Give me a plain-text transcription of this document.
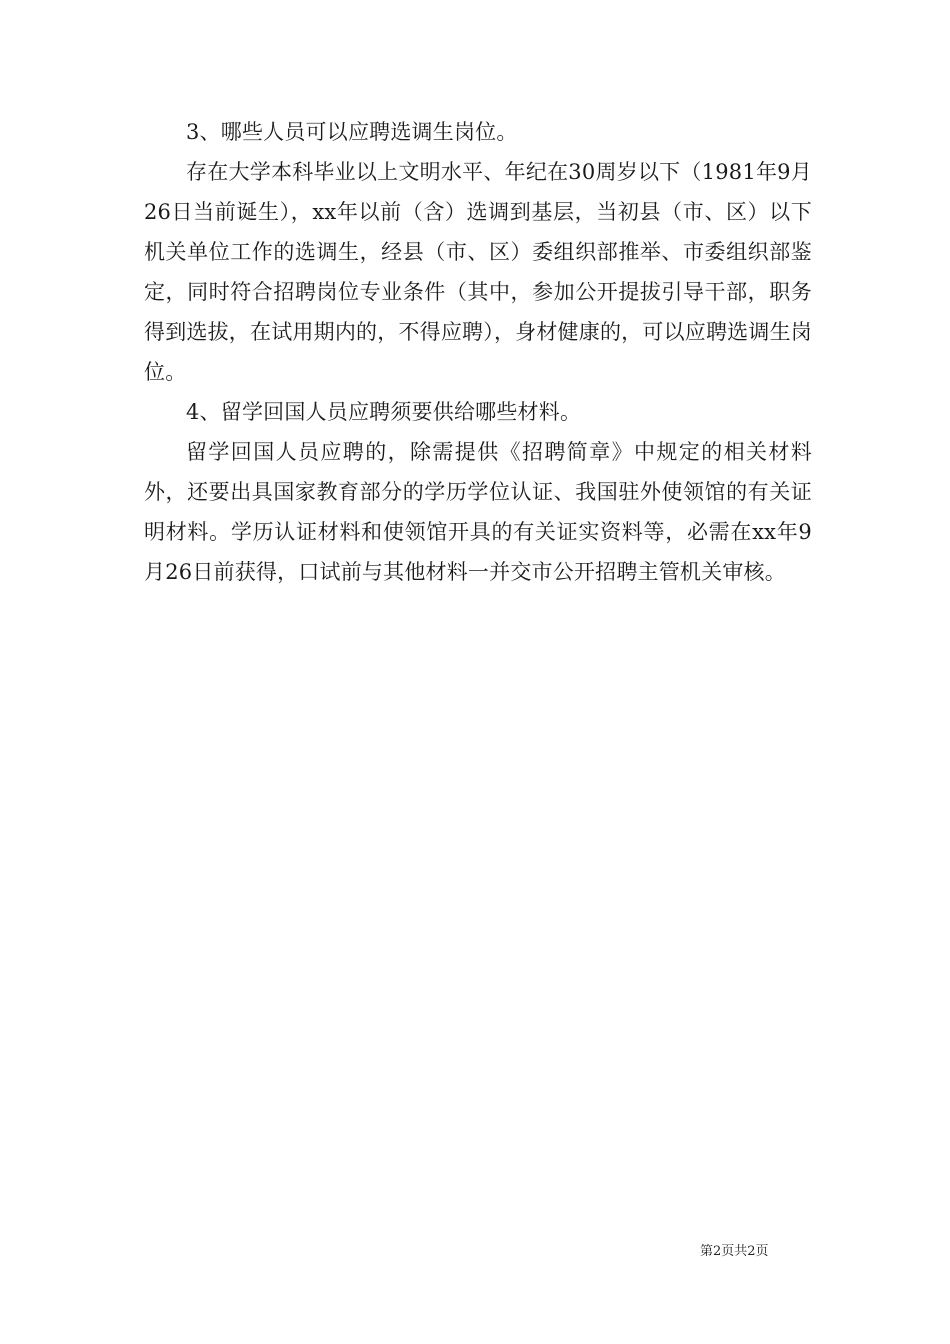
3、哪些人员可以应聘选调生岗位。

存在大学本科毕业以上文明水平、年纪在30周岁以下（1981年9月26日当前诞生），xx年以前（含）选调到基层，当初县（市、区）以下机关单位工作的选调生，经县（市、区）委组织部推举、市委组织部鉴定，同时符合招聘岗位专业条件（其中，参加公开提拔引导干部，职务得到选拔，在试用期内的，不得应聘），身材健康的，可以应聘选调生岗位。

4、留学回国人员应聘须要供给哪些材料。

留学回国人员应聘的，除需提供《招聘简章》中规定的相关材料外，还要出具国家教育部分的学历学位认证、我国驻外使领馆的有关证明材料。学历认证材料和使领馆开具的有关证实资料等，必需在xx年9月26日前获得，口试前与其他材料一并交市公开招聘主管机关审核。

第2页共2页
